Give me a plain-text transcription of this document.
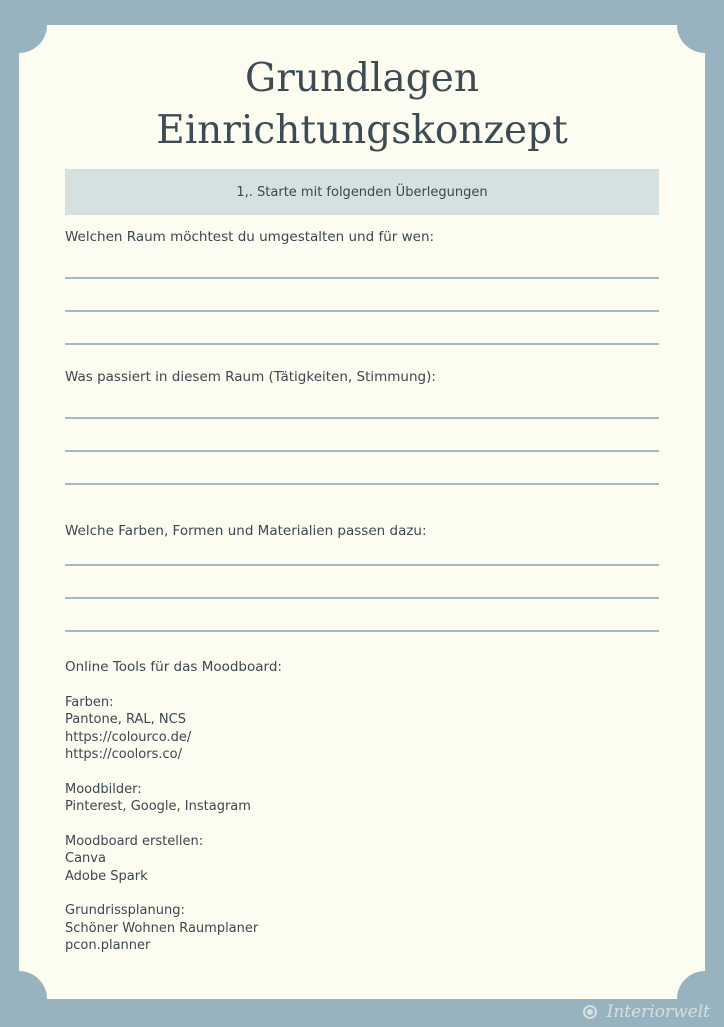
Grundlagen
Einrichtungskonzept
1,. Starte mit folgenden Überlegungen
Welchen Raum möchtest du umgestalten und für wen:
Was passiert in diesem Raum (Tätigkeiten, Stimmung):
Welche Farben, Formen und Materialien passen dazu:
Online Tools für das Moodboard:
Farben:
Pantone, RAL, NCS
https://colourco.de/
https://coolors.co/
Moodbilder:
Pinterest, Google, Instagram
Moodboard erstellen:
Canva
Adobe Spark
Grundrissplanung:
Schöner Wohnen Raumplaner
pcon.planner
Interiorwelt
